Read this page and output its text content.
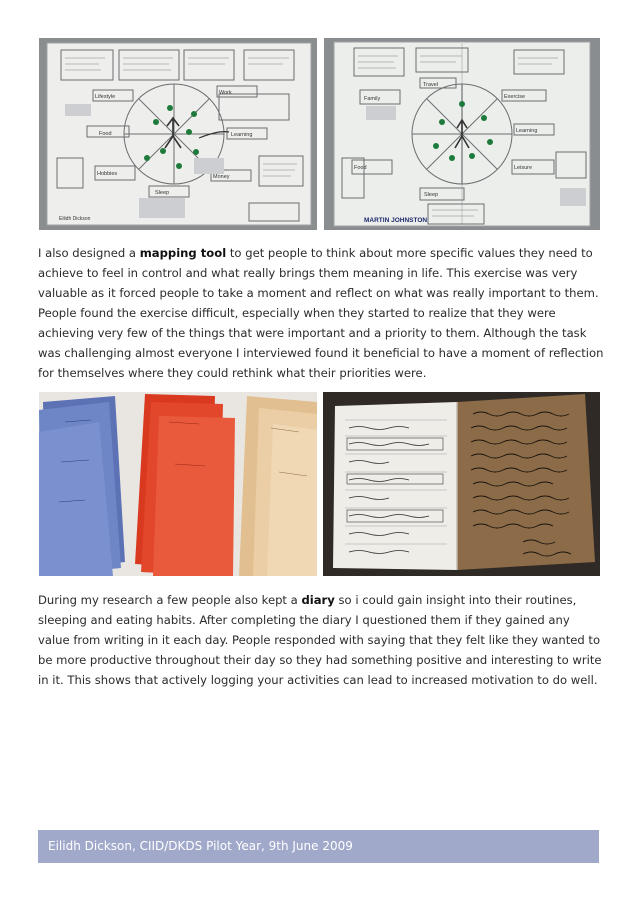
Lifestyle
Work
Food	Learning
Hobbies	Money
Sleep
Eilidh Dickson
Travel
Exercise
Family
Learning
Food	Leisure
Sleep
MARTIN JOHNSTON

I also designed a mapping tool to get people to think about more specific values they need to achieve to feel in control and what really brings them meaning in life. This exercise was very valuable as it forced people to take a moment and reflect on what was really important to them. People found the exercise difficult, especially when they started to realize that they were achieving very few of the things that were important and a priority to them. Although the task was challenging almost everyone I interviewed found it beneficial to have a moment of reflection for themselves where they could rethink what their priorities were.

During my research a few people also kept a diary so i could gain insight into their routines, sleeping and eating habits. After completing the diary I questioned them if they gained any value from writing in it each day. People responded with saying that they felt like they wanted to be more productive throughout their day so they had something positive and interesting to write in it. This shows that actively logging your activities can lead to increased motivation to do well.

Eilidh Dickson, CIID/DKDS Pilot Year, 9th June 2009
